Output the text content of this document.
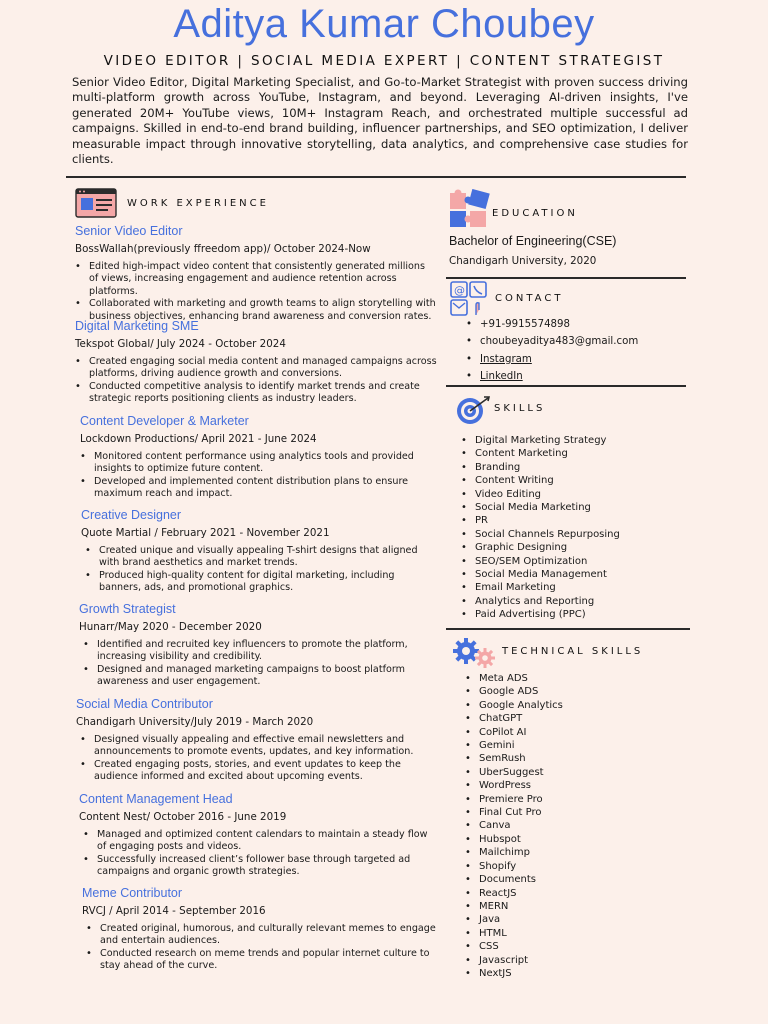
Aditya Kumar Choubey
VIDEO EDITOR | SOCIAL MEDIA EXPERT | CONTENT STRATEGIST
Senior Video Editor, Digital Marketing Specialist, and Go-to-Market Strategist with proven success driving multi-platform growth across YouTube, Instagram, and beyond. Leveraging AI-driven insights, I've generated 20M+ YouTube views, 10M+ Instagram Reach, and orchestrated multiple successful ad campaigns. Skilled in end-to-end brand building, influencer partnerships, and SEO optimization, I deliver measurable impact through innovative storytelling, data analytics, and comprehensive case studies for clients.
WORK EXPERIENCE
Senior Video Editor
BossWallah(previously ffreedom app)/ October 2024-Now
• Edited high-impact video content that consistently generated millions of views, increasing engagement and audience retention across platforms.
• Collaborated with marketing and growth teams to align storytelling with business objectives, enhancing brand awareness and conversion rates.
Digital Marketing SME
Tekspot Global/ July 2024 - October 2024
• Created engaging social media content and managed campaigns across platforms, driving audience growth and conversions.
• Conducted competitive analysis to identify market trends and create strategic reports positioning clients as industry leaders.
Content Developer & Marketer
Lockdown Productions/ April 2021 - June 2024
• Monitored content performance using analytics tools and provided insights to optimize future content.
• Developed and implemented content distribution plans to ensure maximum reach and impact.
Creative Designer
Quote Martial / February 2021 - November 2021
• Created unique and visually appealing T-shirt designs that aligned with brand aesthetics and market trends.
• Produced high-quality content for digital marketing, including banners, ads, and promotional graphics.
Growth Strategist
Hunarr/May 2020 - December 2020
• Identified and recruited key influencers to promote the platform, increasing visibility and credibility.
• Designed and managed marketing campaigns to boost platform awareness and user engagement.
Social Media Contributor
Chandigarh University/July 2019 - March 2020
• Designed visually appealing and effective email newsletters and announcements to promote events, updates, and key information.
• Created engaging posts, stories, and event updates to keep the audience informed and excited about upcoming events.
Content Management Head
Content Nest/ October 2016 - June 2019
• Managed and optimized content calendars to maintain a steady flow of engaging posts and videos.
• Successfully increased client’s follower base through targeted ad campaigns and organic growth strategies.
Meme Contributor
RVCJ / April 2014 - September 2016
• Created original, humorous, and culturally relevant memes to engage and entertain audiences.
• Conducted research on meme trends and popular internet culture to stay ahead of the curve.
EDUCATION
Bachelor of Engineering(CSE)
Chandigarh University, 2020
@
CONTACT
• +91-9915574898
• choubeyaditya483@gmail.com
• Instagram
• LinkedIn
SKILLS
• Digital Marketing Strategy
• Content Marketing
• Branding
• Content Writing
• Video Editing
• Social Media Marketing
• PR
• Social Channels Repurposing
• Graphic Designing
• SEO/SEM Optimization
• Social Media Management
• Email Marketing
• Analytics and Reporting
• Paid Advertising (PPC)
TECHNICAL SKILLS
• Meta ADS
• Google ADS
• Google Analytics
• ChatGPT
• CoPilot AI
• Gemini
• SemRush
• UberSuggest
• WordPress
• Premiere Pro
• Final Cut Pro
• Canva
• Hubspot
• Mailchimp
• Shopify
• Documents
• ReactJS
• MERN
• Java
• HTML
• CSS
• Javascript
• NextJS
